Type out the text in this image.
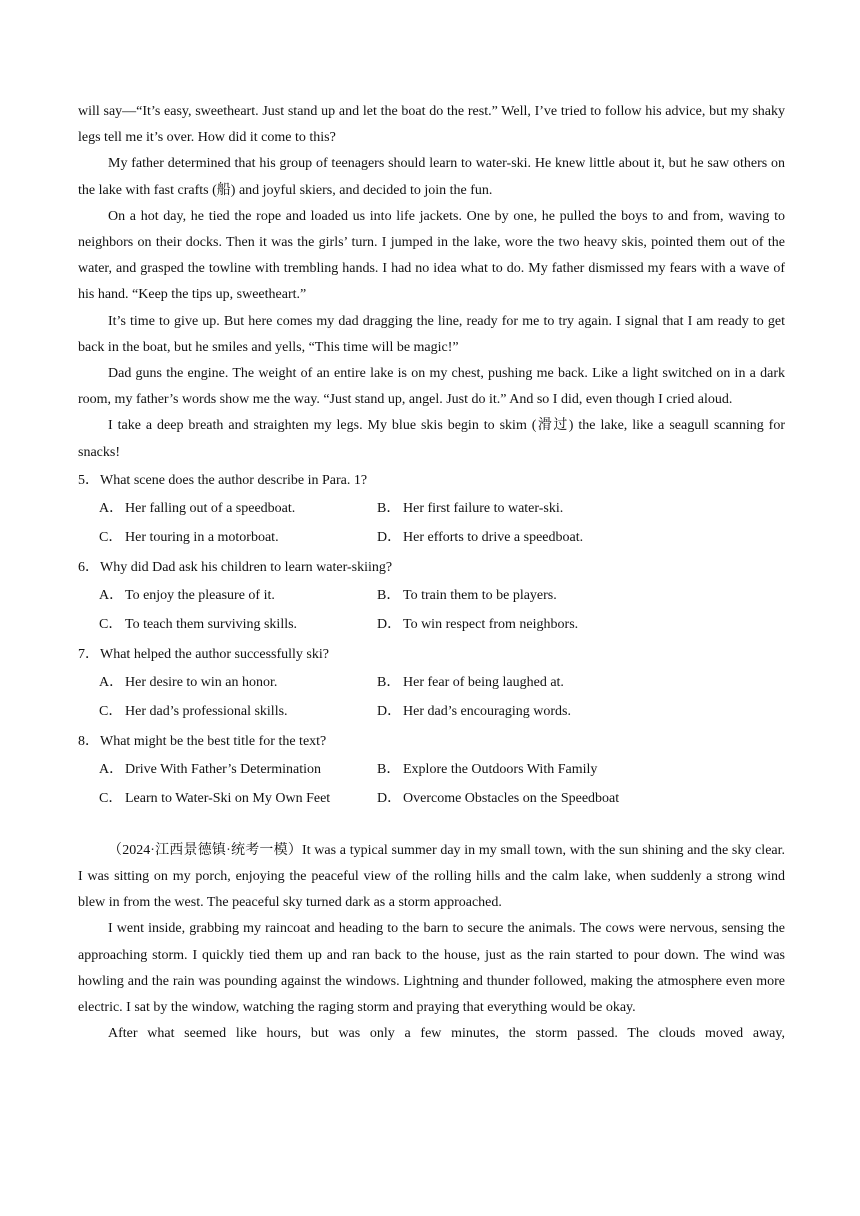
will say—“It’s easy, sweetheart. Just stand up and let the boat do the rest.” Well, I’ve tried to follow his advice, but my shaky legs tell me it’s over. How did it come to this?

My father determined that his group of teenagers should learn to water-ski. He knew little about it, but he saw others on the lake with fast crafts (船) and joyful skiers, and decided to join the fun.

On a hot day, he tied the rope and loaded us into life jackets. One by one, he pulled the boys to and from, waving to neighbors on their docks. Then it was the girls’ turn. I jumped in the lake, wore the two heavy skis, pointed them out of the water, and grasped the towline with trembling hands. I had no idea what to do. My father dismissed my fears with a wave of his hand. “Keep the tips up, sweetheart.”

It’s time to give up. But here comes my dad dragging the line, ready for me to try again. I signal that I am ready to get back in the boat, but he smiles and yells, “This time will be magic!”

Dad guns the engine. The weight of an entire lake is on my chest, pushing me back. Like a light switched on in a dark room, my father’s words show me the way. “Just stand up, angel. Just do it.” And so I did, even though I cried aloud.

I take a deep breath and straighten my legs. My blue skis begin to skim (滑过) the lake, like a seagull scanning for snacks!

5． What scene does the author describe in Para. 1?

A． Her falling out of a speedboat.	B． Her first failure to water-ski.
C． Her touring in a motorboat.	D． Her efforts to drive a speedboat.

6． Why did Dad ask his children to learn water-skiing?

A． To enjoy the pleasure of it.	B． To train them to be players.
C． To teach them surviving skills.	D． To win respect from neighbors.

7． What helped the author successfully ski?

A． Her desire to win an honor.	B． Her fear of being laughed at.
C． Her dad’s professional skills.	D． Her dad’s encouraging words.

8． What might be the best title for the text?

A． Drive With Father’s Determination	B． Explore the Outdoors With Family
C． Learn to Water-Ski on My Own Feet	D． Overcome Obstacles on the Speedboat

（2024·江西景德镇·统考一模）It was a typical summer day in my small town, with the sun shining and the sky clear. I was sitting on my porch, enjoying the peaceful view of the rolling hills and the calm lake, when suddenly a strong wind blew in from the west. The peaceful sky turned dark as a storm approached.

I went inside, grabbing my raincoat and heading to the barn to secure the animals. The cows were nervous, sensing the approaching storm. I quickly tied them up and ran back to the house, just as the rain started to pour down. The wind was howling and the rain was pounding against the windows. Lightning and thunder followed, making the atmosphere even more electric. I sat by the window, watching the raging storm and praying that everything would be okay.

After what seemed like hours, but was only a few minutes, the storm passed. The clouds moved away,
